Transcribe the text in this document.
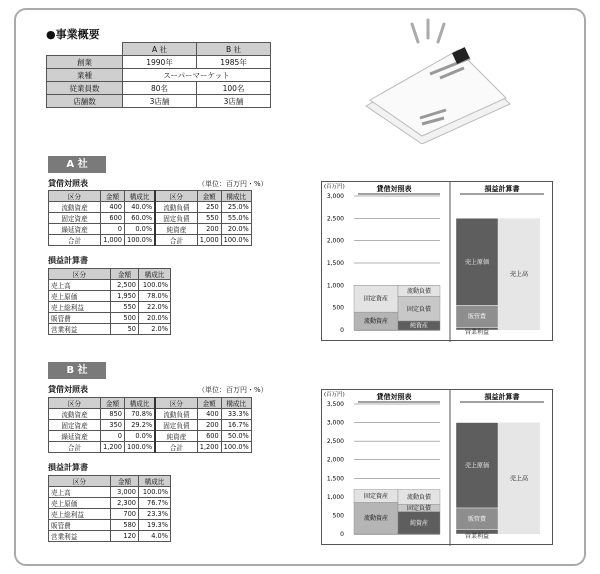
●事業概要
	A 社	B 社
創業	1990年	1985年
業種	スーパーマーケット	
従業員数	80名	100名
店舗数	3店舗	3店舗
A 社
貸借対照表	（単位：百万円・%）
区分	金額	構成比	区分	金額	構成比
流動資産	400	40.0%	流動負債	250	25.0%
固定資産	600	60.0%	固定負債	550	55.0%
繰延資産	0	0.0%	純資産	200	20.0%
合計	1,000	100.0%	合計	1,000	100.0%
損益計算書
区分	金額	構成比
売上高	2,500	100.0%
売上原価	1,950	78.0%
売上総利益	550	22.0%
販管費	500	20.0%
営業利益	50	2.0%
貸借対照表	損益計算書
(百万円)
3,000
2,500
2,000
1,500
1,000
500
0
流動資産
固定資産
流動負債
固定負債
純資産
売上原価
販管費
営業利益
売上高
B 社
貸借対照表	（単位：百万円・%）
区分	金額	構成比	区分	金額	構成比
流動資産	850	70.8%	流動負債	400	33.3%
固定資産	350	29.2%	固定負債	200	16.7%
繰延資産	0	0.0%	純資産	600	50.0%
合計	1,200	100.0%	合計	1,200	100.0%
損益計算書
区分	金額	構成比
売上高	3,000	100.0%
売上原価	2,300	76.7%
売上総利益	700	23.3%
販管費	580	19.3%
営業利益	120	4.0%
貸借対照表	損益計算書
(百万円)
3,500
3,000
2,500
2,000
1,500
1,000
500
0
流動資産
固定資産	流動負債
固定負債
純資産
売上原価
販管費
営業利益
売上高
